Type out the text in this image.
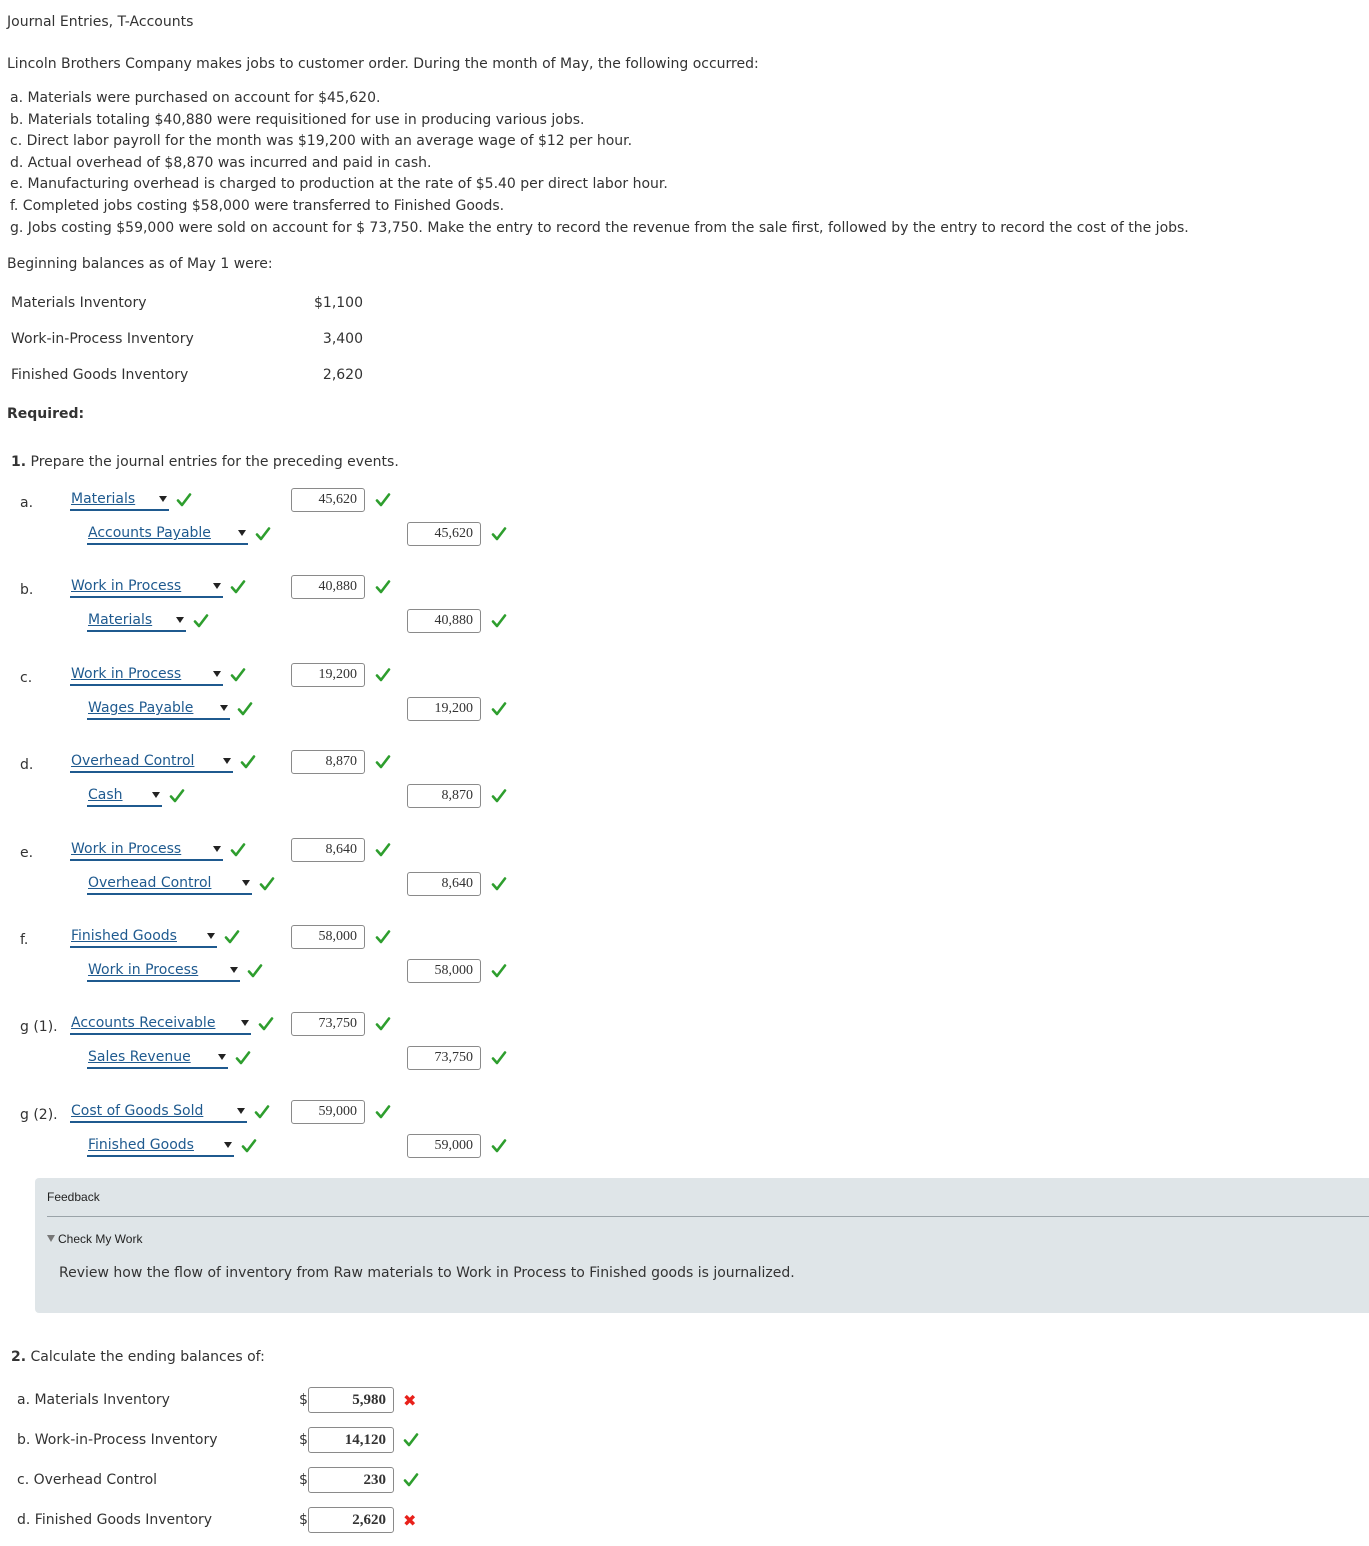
Journal Entries, T-Accounts
Lincoln Brothers Company makes jobs to customer order. During the month of May, the following occurred:
a. Materials were purchased on account for $45,620.
b. Materials totaling $40,880 were requisitioned for use in producing various jobs.
c. Direct labor payroll for the month was $19,200 with an average wage of $12 per hour.
d. Actual overhead of $8,870 was incurred and paid in cash.
e. Manufacturing overhead is charged to production at the rate of $5.40 per direct labor hour.
f. Completed jobs costing $58,000 were transferred to Finished Goods.
g. Jobs costing $59,000 were sold on account for $ 73,750. Make the entry to record the revenue from the sale first, followed by the entry to record the cost of the jobs.
Beginning balances as of May 1 were:
Materials Inventory	$1,100
Work-in-Process Inventory	3,400
Finished Goods Inventory	2,620
Required:
1. Prepare the journal entries for the preceding events.
a.	Materials	45,620
Accounts Payable	45,620
b.	Work in Process	40,880
Materials	40,880
c.	Work in Process	19,200
Wages Payable	19,200
d.	Overhead Control	8,870
Cash	8,870
e.	Work in Process	8,640
Overhead Control	8,640
f.	Finished Goods	58,000
Work in Process	58,000
g (1). Accounts Receivable	73,750
Sales Revenue	73,750
g (2). Cost of Goods Sold	59,000
Finished Goods	59,000
Feedback
Check My Work
Review how the flow of inventory from Raw materials to Work in Process to Finished goods is journalized.
2. Calculate the ending balances of:
a. Materials Inventory	$	5,980	✖
b. Work-in-Process Inventory	$	14,120
c. Overhead Control	$	230
d. Finished Goods Inventory	$	2,620	✖
